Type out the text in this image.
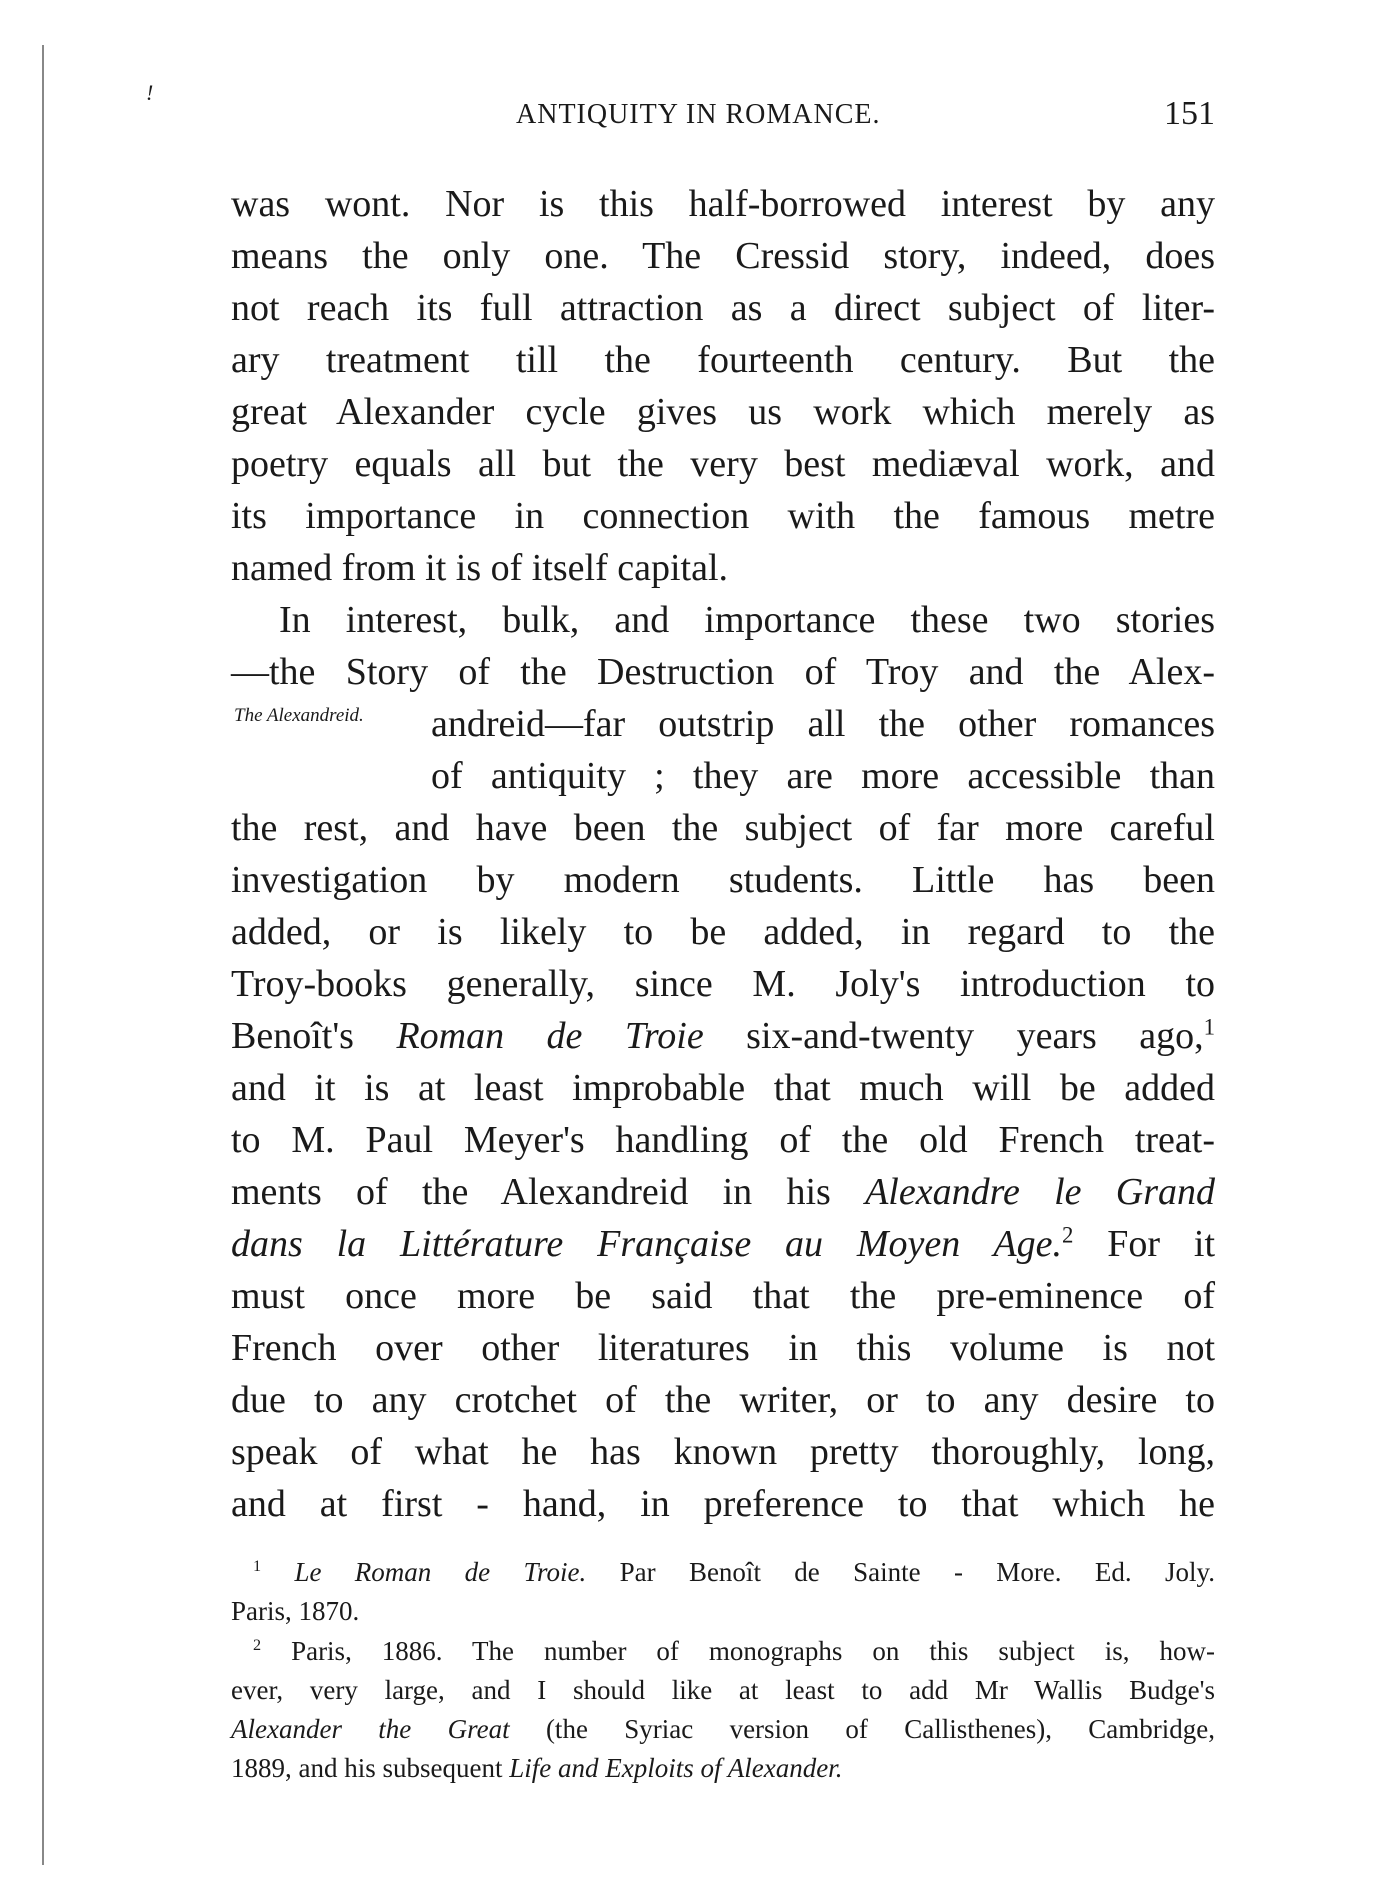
!
ANTIQUITY IN ROMANCE.	151
The Alexandreid.
was wont. Nor is this half-borrowed interest by any
means the only one. The Cressid story, indeed, does
not reach its full attraction as a direct subject of liter-
ary treatment till the fourteenth century. But the
great Alexander cycle gives us work which merely as
poetry equals all but the very best mediæval work, and
its importance in connection with the famous metre
named from it is of itself capital.
In interest, bulk, and importance these two stories
—the Story of the Destruction of Troy and the Alex-
andreid—far outstrip all the other romances
of antiquity ; they are more accessible than
the rest, and have been the subject of far more careful
investigation by modern students. Little has been
added, or is likely to be added, in regard to the
Troy-books generally, since M. Joly's introduction to
Benoît's Roman de Troie six-and-twenty years ago,$^1$
and it is at least improbable that much will be added
to M. Paul Meyer's handling of the old French treat-
ments of the Alexandreid in his Alexandre le Grand
dans la Littérature Française au Moyen Age.$^2$ For it
must once more be said that the pre-eminence of
French over other literatures in this volume is not
due to any crotchet of the writer, or to any desire to
speak of what he has known pretty thoroughly, long,
and at first - hand, in preference to that which he
$^1$ Le Roman de Troie. Par Benoît de Sainte - More. Ed. Joly.
Paris, 1870.
$^2$ Paris, 1886. The number of monographs on this subject is, how-
ever, very large, and I should like at least to add Mr Wallis Budge's
Alexander the Great (the Syriac version of Callisthenes), Cambridge,
1889, and his subsequent Life and Exploits of Alexander.
